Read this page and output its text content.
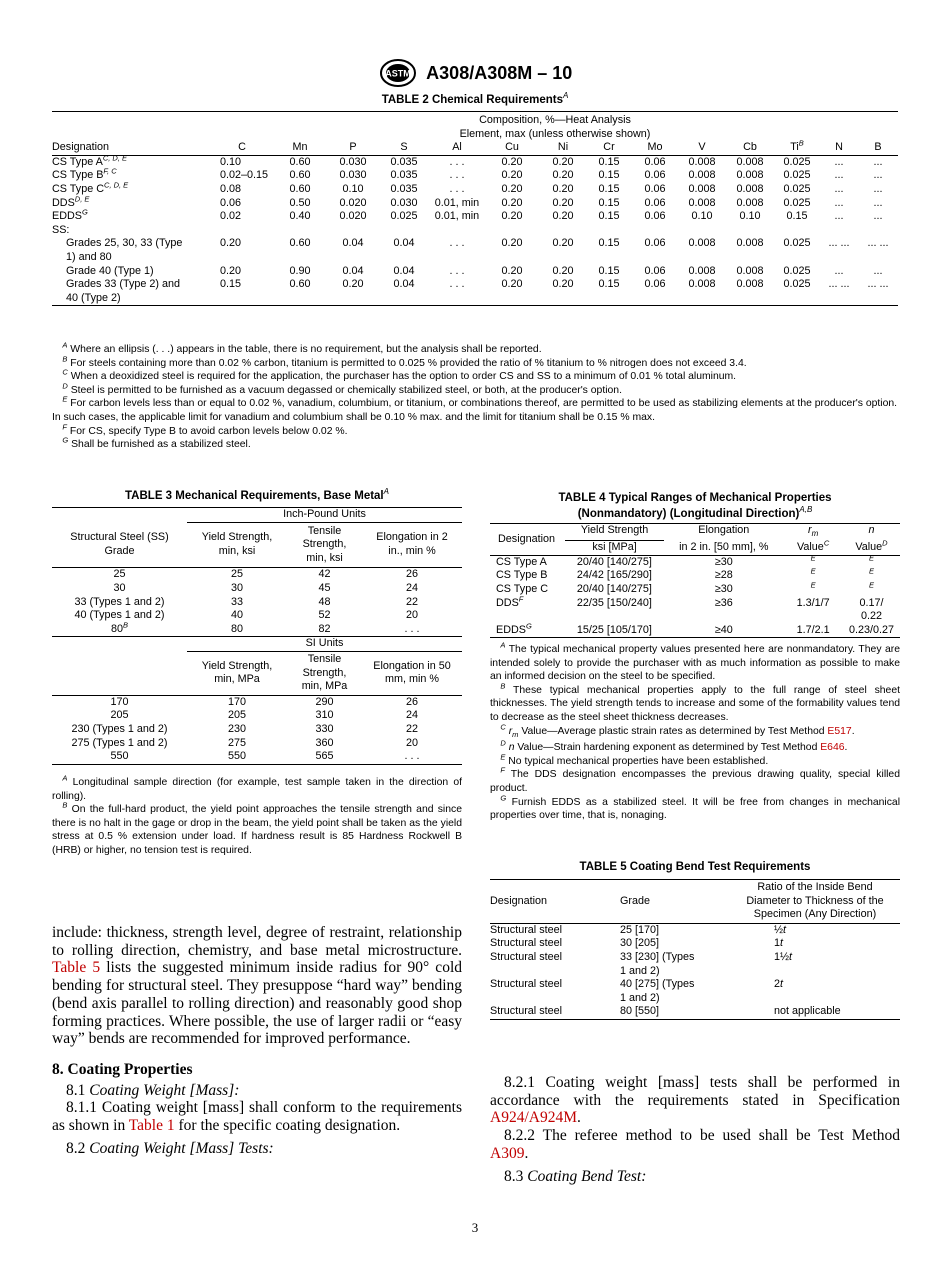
ASTM A308/A308M – 10
TABLE 2 Chemical Requirements$^A$

	Composition, %—Heat Analysis
Element, max (unless otherwise shown)													

Designation	C	Mn	P	S	Al	Cu	Ni	Cr	Mo	V	Cb	$Ti^B$	N	B
CS Type $A^{C, D, E}$	0.10	0.60	0.030	0.035	. . .	0.20	0.20	0.15	0.06	0.008	0.008	0.025	...	...
CS Type $B^{F, C}$	0.02–0.15	0.60	0.030	0.035	. . .	0.20	0.20	0.15	0.06	0.008	0.008	0.025	...	...
CS Type $C^{C, D, E}$	0.08	0.60	0.10	0.035	. . .	0.20	0.20	0.15	0.06	0.008	0.008	0.025	...	...
$DDS^{D, E}$	0.06	0.50	0.020	0.030	0.01, min	0.20	0.20	0.15	0.06	0.008	0.008	0.025	...	...
$EDDS^G$	0.02	0.40	0.020	0.025	0.01, min	0.20	0.20	0.15	0.06	0.10	0.10	0.15	...	...
SS:														
Grades 25, 30, 33 (Type 1) and 80	0.20	0.60	0.04	0.04	. . .	0.20	0.20	0.15	0.06	0.008	0.008	0.025	... ...	... ...
Grade 40 (Type 1)	0.20	0.90	0.04	0.04	. . .	0.20	0.20	0.15	0.06	0.008	0.008	0.025	...	...
Grades 33 (Type 2) and 40 (Type 2)	0.15	0.60	0.20	0.04	. . .	0.20	0.20	0.15	0.06	0.008	0.008	0.025	... ...	... ...
 $^A$ Where an ellipsis (. . .) appears in the table, there is no requirement, but the analysis shall be reported.
 $^B$ For steels containing more than 0.02 % carbon, titanium is permitted to 0.025 % provided the ratio of % titanium to % nitrogen does not exceed 3.4.
 $^C$ When a deoxidized steel is required for the application, the purchaser has the option to order CS and SS to a minimum of 0.01 % total aluminum.
 $^D$ Steel is permitted to be furnished as a vacuum degassed or chemically stabilized steel, or both, at the producer's option.
 $^E$ For carbon levels less than or equal to 0.02 %, vanadium, columbium, or titanium, or combinations thereof, are permitted to be used as stabilizing elements at the producer's option. In such cases, the applicable limit for vanadium and columbium shall be 0.10 % max. and the limit for titanium shall be 0.15 % max.
 $^F$ For CS, specify Type B to avoid carbon levels below 0.02 %.
 $^G$ Shall be furnished as a stabilized steel.
TABLE 3 Mechanical Requirements, Base Metal$^A$
	Inch-Pound Units		
Structural Steel (SS) Grade	Yield Strength, min, ksi	Tensile Strength, min, ksi	Elongation in 2 in., min %
25	25	42	26
30	30	45	24
33 (Types 1 and 2)	33	48	22
40 (Types 1 and 2)	40	52	20
$80^B$	80	82	. . .
	SI Units		
	Yield Strength, min, MPa	Tensile Strength, min, MPa	Elongation in 50 mm, min %
170	170	290	26
205	205	310	24
230 (Types 1 and 2)	230	330	22
275 (Types 1 and 2)	275	360	20
550	550	565	. . .
 $^A$ Longitudinal sample direction (for example, test sample taken in the direction of rolling).
 $^B$ On the full-hard product, the yield point approaches the tensile strength and since there is no halt in the gage or drop in the beam, the yield point shall be taken as the yield stress at 0.5 % extension under load. If hardness result is 85 Hardness Rockwell B (HRB) or higher, no tension test is required.
TABLE 4 Typical Ranges of Mechanical Properties
(Nonmandatory) (Longitudinal Direction)$^{A,B}$
Designation	Yield Strength	Elongation	$r_m$	n
	ksi [MPa]	in 2 in. [50 mm], %	Value$^C$	Value$^D$
CS Type A	20/40 [140/275]	≥30	$^E$	$^E$
CS Type B	24/42 [165/290]	≥28	$^E$	$^E$
CS Type C	20/40 [140/275]	≥30	$^E$	$^E$
$DDS^F$	22/35 [150/240]	≥36	1.3/1/7	0.17/ 0.22
$EDDS^G$	15/25 [105/170]	≥40	1.7/2.1	0.23/0.27
 $^A$ The typical mechanical property values presented here are nonmandatory. They are intended solely to provide the purchaser with as much information as possible to make an informed decision on the steel to be specified.
 $^B$ These typical mechanical properties apply to the full range of steel sheet thicknesses. The yield strength tends to increase and some of the formability values tend to decrease as the steel sheet thickness decreases.
 $^C$ $r_m$ Value—Average plastic strain rates as determined by Test Method E517.
 $^D$ n Value—Strain hardening exponent as determined by Test Method E646.
 $^E$ No typical mechanical properties have been established.
 $^F$ The DDS designation encompasses the previous drawing quality, special killed product.
 $^G$ Furnish EDDS as a stabilized steel. It will be free from changes in mechanical properties over time, that is, nonaging.
TABLE 5 Coating Bend Test Requirements
Designation	Grade	Ratio of the Inside Bend Diameter to Thickness of the Specimen (Any Direction)
Structural steel	25 [170]	½t
Structural steel	30 [205]	1t
Structural steel	33 [230] (Types 1 and 2)	1½t
Structural steel	40 [275] (Types 1 and 2)	2t
Structural steel	80 [550]	not applicable

include: thickness, strength level, degree of restraint, relationship to rolling direction, chemistry, and base metal microstructure. Table 5 lists the suggested minimum inside radius for 90° cold bending for structural steel. They presuppose “hard way” bending (bend axis parallel to rolling direction) and reasonably good shop forming practices. Where possible, the use of larger radii or “easy way” bends are recommended for improved performance.

8. Coating Properties

8.1 Coating Weight [Mass]:

8.1.1 Coating weight [mass] shall conform to the requirements as shown in Table 1 for the specific coating designation.

8.2 Coating Weight [Mass] Tests:

8.2.1 Coating weight [mass] tests shall be performed in accordance with the requirements stated in Specification A924/A924M.

8.2.2 The referee method to be used shall be Test Method A309.

8.3 Coating Bend Test:

3
